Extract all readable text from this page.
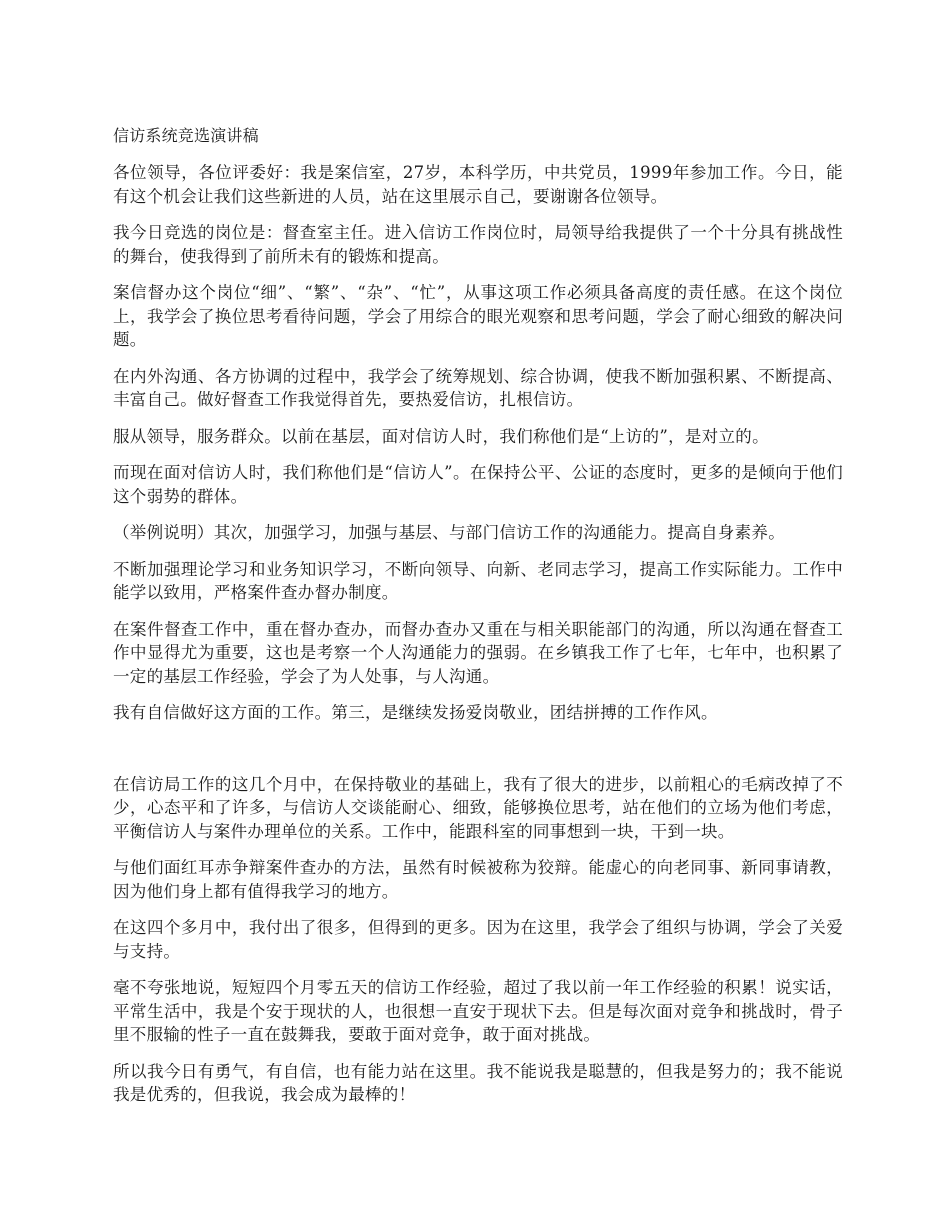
信访系统竞选演讲稿

各位领导，各位评委好：我是案信室，27岁，本科学历，中共党员，1999年参加工作。今日，能有这个机会让我们这些新进的人员，站在这里展示自己，要谢谢各位领导。

我今日竞选的岗位是：督查室主任。进入信访工作岗位时，局领导给我提供了一个十分具有挑战性的舞台，使我得到了前所未有的锻炼和提高。

案信督办这个岗位“细”、“繁”、“杂”、“忙”，从事这项工作必须具备高度的责任感。在这个岗位上，我学会了换位思考看待问题，学会了用综合的眼光观察和思考问题，学会了耐心细致的解决问题。

在内外沟通、各方协调的过程中，我学会了统筹规划、综合协调，使我不断加强积累、不断提高、丰富自己。做好督查工作我觉得首先，要热爱信访，扎根信访。

服从领导，服务群众。以前在基层，面对信访人时，我们称他们是“上访的”，是对立的。

而现在面对信访人时，我们称他们是“信访人”。在保持公平、公证的态度时，更多的是倾向于他们这个弱势的群体。

（举例说明）其次，加强学习，加强与基层、与部门信访工作的沟通能力。提高自身素养。

不断加强理论学习和业务知识学习，不断向领导、向新、老同志学习，提高工作实际能力。工作中能学以致用，严格案件查办督办制度。

在案件督查工作中，重在督办查办，而督办查办又重在与相关职能部门的沟通，所以沟通在督查工作中显得尤为重要，这也是考察一个人沟通能力的强弱。在乡镇我工作了七年，七年中，也积累了一定的基层工作经验，学会了为人处事，与人沟通。

我有自信做好这方面的工作。第三，是继续发扬爱岗敬业，团结拼搏的工作作风。

在信访局工作的这几个月中，在保持敬业的基础上，我有了很大的进步，以前粗心的毛病改掉了不少，心态平和了许多，与信访人交谈能耐心、细致，能够换位思考，站在他们的立场为他们考虑，平衡信访人与案件办理单位的关系。工作中，能跟科室的同事想到一块，干到一块。

与他们面红耳赤争辩案件查办的方法，虽然有时候被称为狡辩。能虚心的向老同事、新同事请教，因为他们身上都有值得我学习的地方。

在这四个多月中，我付出了很多，但得到的更多。因为在这里，我学会了组织与协调，学会了关爱与支持。

毫不夸张地说，短短四个月零五天的信访工作经验，超过了我以前一年工作经验的积累！说实话，平常生活中，我是个安于现状的人，也很想一直安于现状下去。但是每次面对竞争和挑战时，骨子里不服输的性子一直在鼓舞我，要敢于面对竞争，敢于面对挑战。

所以我今日有勇气，有自信，也有能力站在这里。我不能说我是聪慧的，但我是努力的；我不能说我是优秀的，但我说，我会成为最棒的！
